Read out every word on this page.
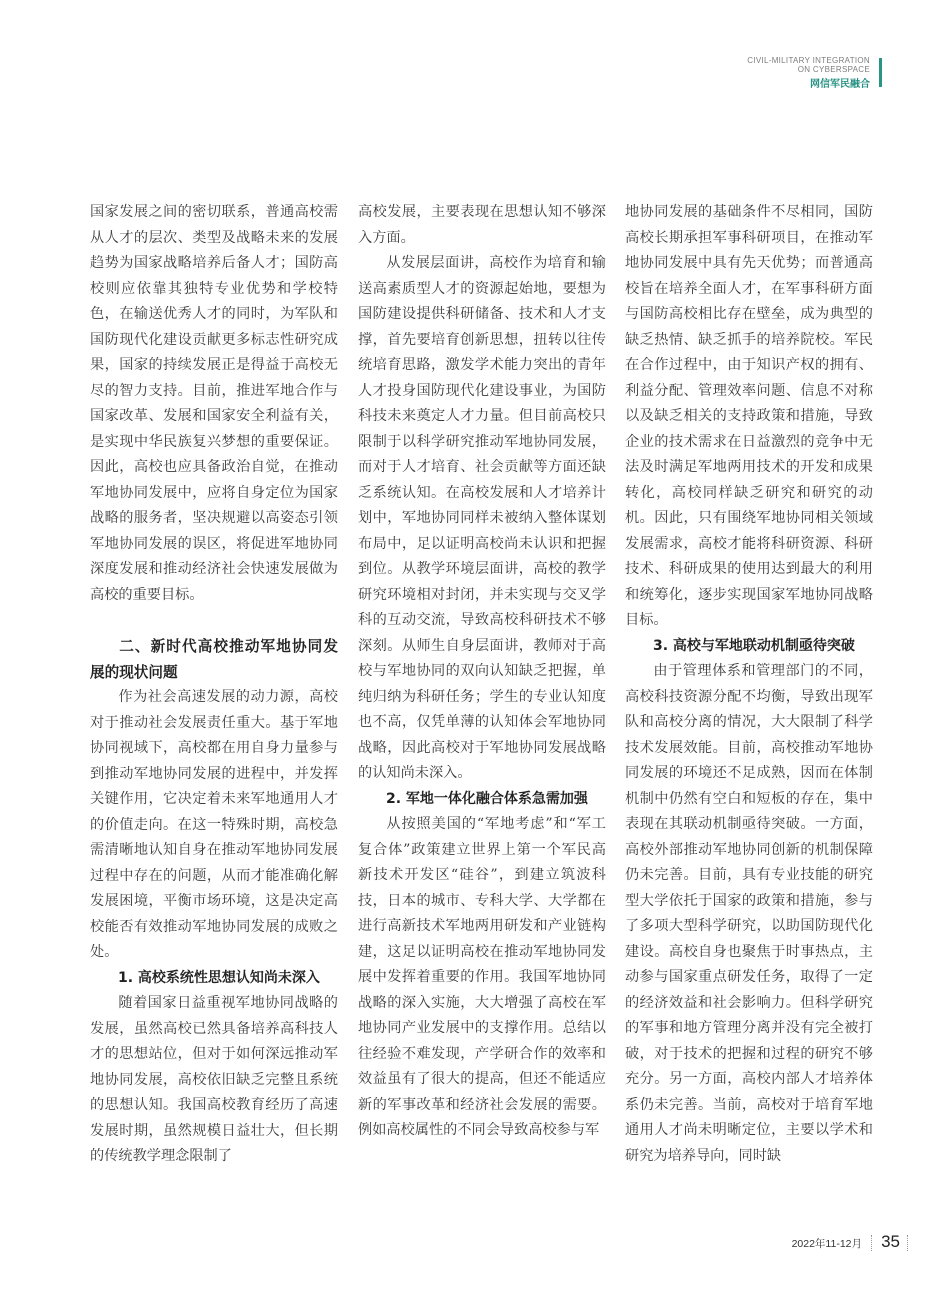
CIVIL-MILITARY INTEGRATION
ON CYBERSPACE
网信军民融合

国家发展之间的密切联系，普通高校需从人才的层次、类型及战略未来的发展趋势为国家战略培养后备人才；国防高校则应依靠其独特专业优势和学校特色，在输送优秀人才的同时，为军队和国防现代化建设贡献更多标志性研究成果，国家的持续发展正是得益于高校无尽的智力支持。目前，推进军地合作与国家改革、发展和国家安全利益有关，是实现中华民族复兴梦想的重要保证。因此，高校也应具备政治自觉，在推动军地协同发展中，应将自身定位为国家战略的服务者，坚决规避以高姿态引领军地协同发展的误区，将促进军地协同深度发展和推动经济社会快速发展做为高校的重要目标。

二、新时代高校推动军地协同发展的现状问题

作为社会高速发展的动力源，高校对于推动社会发展责任重大。基于军地协同视域下，高校都在用自身力量参与到推动军地协同发展的进程中，并发挥关键作用，它决定着未来军地通用人才的价值走向。在这一特殊时期，高校急需清晰地认知自身在推动军地协同发展过程中存在的问题，从而才能准确化解发展困境，平衡市场环境，这是决定高校能否有效推动军地协同发展的成败之处。

1. 高校系统性思想认知尚未深入

随着国家日益重视军地协同战略的发展，虽然高校已然具备培养高科技人才的思想站位，但对于如何深远推动军地协同发展，高校依旧缺乏完整且系统的思想认知。我国高校教育经历了高速发展时期，虽然规模日益壮大，但长期的传统教学理念限制了

高校发展，主要表现在思想认知不够深入方面。

从发展层面讲，高校作为培育和输送高素质型人才的资源起始地，要想为国防建设提供科研储备、技术和人才支撑，首先要培育创新思想，扭转以往传统培育思路，激发学术能力突出的青年人才投身国防现代化建设事业，为国防科技未来奠定人才力量。但目前高校只限制于以科学研究推动军地协同发展，而对于人才培育、社会贡献等方面还缺乏系统认知。在高校发展和人才培养计划中，军地协同同样未被纳入整体谋划布局中，足以证明高校尚未认识和把握到位。从教学环境层面讲，高校的教学研究环境相对封闭，并未实现与交叉学科的互动交流，导致高校科研技术不够深刻。从师生自身层面讲，教师对于高校与军地协同的双向认知缺乏把握，单纯归纳为科研任务；学生的专业认知度也不高，仅凭单薄的认知体会军地协同战略，因此高校对于军地协同发展战略的认知尚未深入。

2. 军地一体化融合体系急需加强

从按照美国的“军地考虑”和“军工复合体”政策建立世界上第一个军民高新技术开发区“硅谷”，到建立筑波科技，日本的城市、专科大学、大学都在进行高新技术军地两用研发和产业链构建，这足以证明高校在推动军地协同发展中发挥着重要的作用。我国军地协同战略的深入实施，大大增强了高校在军地协同产业发展中的支撑作用。总结以往经验不难发现，产学研合作的效率和效益虽有了很大的提高，但还不能适应新的军事改革和经济社会发展的需要。例如高校属性的不同会导致高校参与军

地协同发展的基础条件不尽相同，国防高校长期承担军事科研项目，在推动军地协同发展中具有先天优势；而普通高校旨在培养全面人才，在军事科研方面与国防高校相比存在壁垒，成为典型的缺乏热情、缺乏抓手的培养院校。军民在合作过程中，由于知识产权的拥有、利益分配、管理效率问题、信息不对称以及缺乏相关的支持政策和措施，导致企业的技术需求在日益激烈的竞争中无法及时满足军地两用技术的开发和成果转化，高校同样缺乏研究和研究的动机。因此，只有围绕军地协同相关领域发展需求，高校才能将科研资源、科研技术、科研成果的使用达到最大的利用和统筹化，逐步实现国家军地协同战略目标。

3. 高校与军地联动机制亟待突破

由于管理体系和管理部门的不同，高校科技资源分配不均衡，导致出现军队和高校分离的情况，大大限制了科学技术发展效能。目前，高校推动军地协同发展的环境还不足成熟，因而在体制机制中仍然有空白和短板的存在，集中表现在其联动机制亟待突破。一方面，高校外部推动军地协同创新的机制保障仍未完善。目前，具有专业技能的研究型大学依托于国家的政策和措施，参与了多项大型科学研究，以助国防现代化建设。高校自身也聚焦于时事热点，主动参与国家重点研发任务，取得了一定的经济效益和社会影响力。但科学研究的军事和地方管理分离并没有完全被打破，对于技术的把握和过程的研究不够充分。另一方面，高校内部人才培养体系仍未完善。当前，高校对于培育军地通用人才尚未明晰定位，主要以学术和研究为培养导向，同时缺

2022年11-12月 35
